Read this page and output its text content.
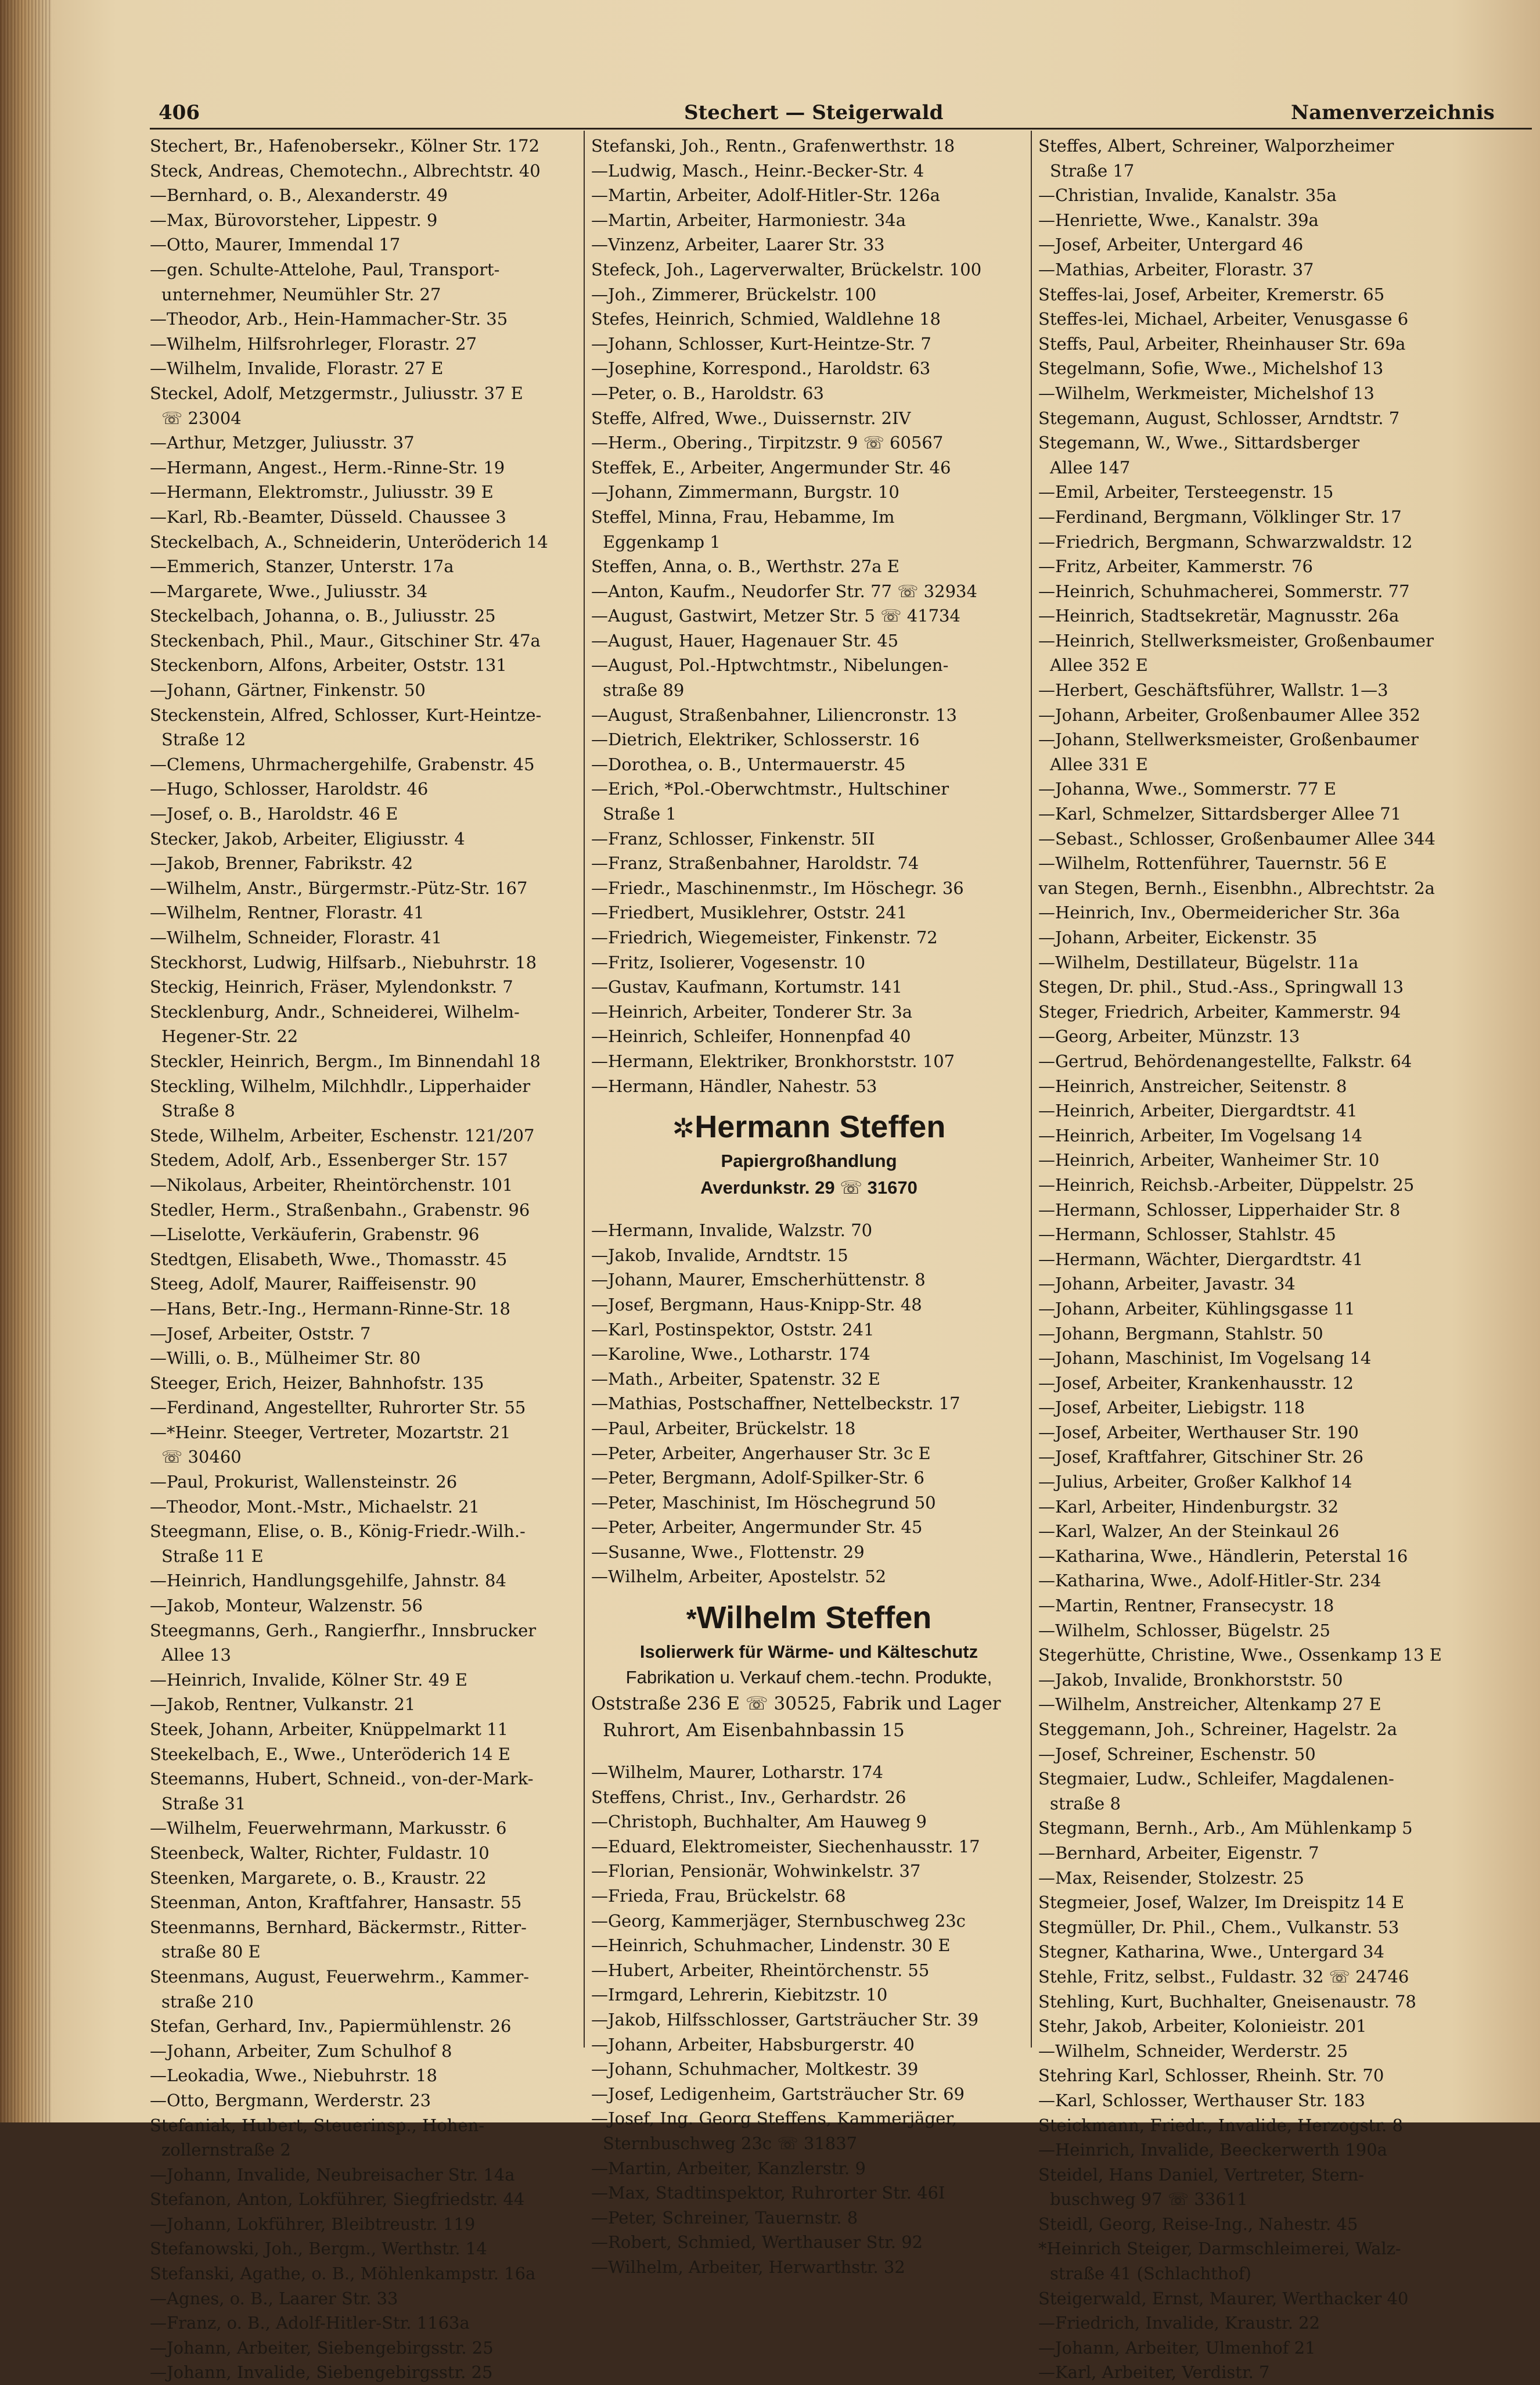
406	Stechert — Steigerwald	Namenverzeichnis

Stechert, Br., Hafenobersekr., Kölner Str. 172

Steck, Andreas, Chemotechn., Albrechtstr. 40

—Bernhard, o. B., Alexanderstr. 49

—Max, Bürovorsteher, Lippestr. 9

—Otto, Maurer, Immendal 17

—gen. Schulte-Attelohe, Paul, Transport-

unternehmer, Neumühler Str. 27

—Theodor, Arb., Hein-Hammacher-Str. 35

—Wilhelm, Hilfsrohrleger, Florastr. 27

—Wilhelm, Invalide, Florastr. 27 E

Steckel, Adolf, Metzgermstr., Juliusstr. 37 E

☏ 23004

—Arthur, Metzger, Juliusstr. 37

—Hermann, Angest., Herm.-Rinne-Str. 19

—Hermann, Elektromstr., Juliusstr. 39 E

—Karl, Rb.-Beamter, Düsseld. Chaussee 3

Steckelbach, A., Schneiderin, Unteröderich 14

—Emmerich, Stanzer, Unterstr. 17a

—Margarete, Wwe., Juliusstr. 34

Steckelbach, Johanna, o. B., Juliusstr. 25

Steckenbach, Phil., Maur., Gitschiner Str. 47a

Steckenborn, Alfons, Arbeiter, Oststr. 131

—Johann, Gärtner, Finkenstr. 50

Steckenstein, Alfred, Schlosser, Kurt-Heintze-

Straße 12

—Clemens, Uhrmachergehilfe, Grabenstr. 45

—Hugo, Schlosser, Haroldstr. 46

—Josef, o. B., Haroldstr. 46 E

Stecker, Jakob, Arbeiter, Eligiusstr. 4

—Jakob, Brenner, Fabrikstr. 42

—Wilhelm, Anstr., Bürgermstr.-Pütz-Str. 167

—Wilhelm, Rentner, Florastr. 41

—Wilhelm, Schneider, Florastr. 41

Steckhorst, Ludwig, Hilfsarb., Niebuhrstr. 18

Steckig, Heinrich, Fräser, Mylendonkstr. 7

Stecklenburg, Andr., Schneiderei, Wilhelm-

Hegener-Str. 22

Steckler, Heinrich, Bergm., Im Binnendahl 18

Steckling, Wilhelm, Milchhdlr., Lipperhaider

Straße 8

Stede, Wilhelm, Arbeiter, Eschenstr. 121/207

Stedem, Adolf, Arb., Essenberger Str. 157

—Nikolaus, Arbeiter, Rheintörchenstr. 101

Stedler, Herm., Straßenbahn., Grabenstr. 96

—Liselotte, Verkäuferin, Grabenstr. 96

Stedtgen, Elisabeth, Wwe., Thomasstr. 45

Steeg, Adolf, Maurer, Raiffeisenstr. 90

—Hans, Betr.-Ing., Hermann-Rinne-Str. 18

—Josef, Arbeiter, Oststr. 7

—Willi, o. B., Mülheimer Str. 80

Steeger, Erich, Heizer, Bahnhofstr. 135

—Ferdinand, Angestellter, Ruhrorter Str. 55

—*Heinr. Steeger, Vertreter, Mozartstr. 21

☏ 30460

—Paul, Prokurist, Wallensteinstr. 26

—Theodor, Mont.-Mstr., Michaelstr. 21

Steegmann, Elise, o. B., König-Friedr.-Wilh.-

Straße 11 E

—Heinrich, Handlungsgehilfe, Jahnstr. 84

—Jakob, Monteur, Walzenstr. 56

Steegmanns, Gerh., Rangierfhr., Innsbrucker

Allee 13

—Heinrich, Invalide, Kölner Str. 49 E

—Jakob, Rentner, Vulkanstr. 21

Steek, Johann, Arbeiter, Knüppelmarkt 11

Steekelbach, E., Wwe., Unteröderich 14 E

Steemanns, Hubert, Schneid., von-der-Mark-

Straße 31

—Wilhelm, Feuerwehrmann, Markusstr. 6

Steenbeck, Walter, Richter, Fuldastr. 10

Steenken, Margarete, o. B., Kraustr. 22

Steenman, Anton, Kraftfahrer, Hansastr. 55

Steenmanns, Bernhard, Bäckermstr., Ritter-

straße 80 E

Steenmans, August, Feuerwehrm., Kammer-

straße 210

Stefan, Gerhard, Inv., Papiermühlenstr. 26

—Johann, Arbeiter, Zum Schulhof 8

—Leokadia, Wwe., Niebuhrstr. 18

—Otto, Bergmann, Werderstr. 23

Stefaniak, Hubert, Steuerinsp., Hohen-

zollernstraße 2

—Johann, Invalide, Neubreisacher Str. 14a

Stefanon, Anton, Lokführer, Siegfriedstr. 44

—Johann, Lokführer, Bleibtreustr. 119

Stefanowski, Joh., Bergm., Werthstr. 14

Stefanski, Agathe, o. B., Möhlenkampstr. 16a

—Agnes, o. B., Laarer Str. 33

—Franz, o. B., Adolf-Hitler-Str. 1163a

—Johann, Arbeiter, Siebengebirgsstr. 25

—Johann, Invalide, Siebengebirgsstr. 25

Stefanski, Joh., Rentn., Grafenwerthstr. 18

—Ludwig, Masch., Heinr.-Becker-Str. 4

—Martin, Arbeiter, Adolf-Hitler-Str. 126a

—Martin, Arbeiter, Harmoniestr. 34a

—Vinzenz, Arbeiter, Laarer Str. 33

Stefeck, Joh., Lagerverwalter, Brückelstr. 100

—Joh., Zimmerer, Brückelstr. 100

Stefes, Heinrich, Schmied, Waldlehne 18

—Johann, Schlosser, Kurt-Heintze-Str. 7

—Josephine, Korrespond., Haroldstr. 63

—Peter, o. B., Haroldstr. 63

Steffe, Alfred, Wwe., Duissernstr. 2IV

—Herm., Obering., Tirpitzstr. 9 ☏ 60567

Steffek, E., Arbeiter, Angermunder Str. 46

—Johann, Zimmermann, Burgstr. 10

Steffel, Minna, Frau, Hebamme, Im

Eggenkamp 1

Steffen, Anna, o. B., Werthstr. 27a E

—Anton, Kaufm., Neudorfer Str. 77 ☏ 32934

—August, Gastwirt, Metzer Str. 5 ☏ 41734

—August, Hauer, Hagenauer Str. 45

—August, Pol.-Hptwchtmstr., Nibelungen-

straße 89

—August, Straßenbahner, Liliencronstr. 13

—Dietrich, Elektriker, Schlosserstr. 16

—Dorothea, o. B., Untermauerstr. 45

—Erich, *Pol.-Oberwchtmstr., Hultschiner

Straße 1

—Franz, Schlosser, Finkenstr. 5II

—Franz, Straßenbahner, Haroldstr. 74

—Friedr., Maschinenmstr., Im Höschegr. 36

—Friedbert, Musiklehrer, Oststr. 241

—Friedrich, Wiegemeister, Finkenstr. 72

—Fritz, Isolierer, Vogesenstr. 10

—Gustav, Kaufmann, Kortumstr. 141

—Heinrich, Arbeiter, Tonderer Str. 3a

—Heinrich, Schleifer, Honnenpfad 40

—Hermann, Elektriker, Bronkhorststr. 107

—Hermann, Händler, Nahestr. 53

✲Hermann Steffen
Papiergroßhandlung
Averdunkstr. 29 ☏ 31670

—Hermann, Invalide, Walzstr. 70

—Jakob, Invalide, Arndtstr. 15

—Johann, Maurer, Emscherhüttenstr. 8

—Josef, Bergmann, Haus-Knipp-Str. 48

—Karl, Postinspektor, Oststr. 241

—Karoline, Wwe., Lotharstr. 174

—Math., Arbeiter, Spatenstr. 32 E

—Mathias, Postschaffner, Nettelbeckstr. 17

—Paul, Arbeiter, Brückelstr. 18

—Peter, Arbeiter, Angerhauser Str. 3c E

—Peter, Bergmann, Adolf-Spilker-Str. 6

—Peter, Maschinist, Im Höschegrund 50

—Peter, Arbeiter, Angermunder Str. 45

—Susanne, Wwe., Flottenstr. 29

—Wilhelm, Arbeiter, Apostelstr. 52

*Wilhelm Steffen
Isolierwerk für Wärme- und Kälteschutz
Fabrikation u. Verkauf chem.-techn. Produkte,
Oststraße 236 E ☏ 30525, Fabrik und Lager
Ruhrort, Am Eisenbahnbassin 15

—Wilhelm, Maurer, Lotharstr. 174

Steffens, Christ., Inv., Gerhardstr. 26

—Christoph, Buchhalter, Am Hauweg 9

—Eduard, Elektromeister, Siechenhausstr. 17

—Florian, Pensionär, Wohwinkelstr. 37

—Frieda, Frau, Brückelstr. 68

—Georg, Kammerjäger, Sternbuschweg 23c

—Heinrich, Schuhmacher, Lindenstr. 30 E

—Hubert, Arbeiter, Rheintörchenstr. 55

—Irmgard, Lehrerin, Kiebitzstr. 10

—Jakob, Hilfsschlosser, Gartsträucher Str. 39

—Johann, Arbeiter, Habsburgerstr. 40

—Johann, Schuhmacher, Moltkestr. 39

—Josef, Ledigenheim, Gartsträucher Str. 69

—Josef, Ing. Georg Steffens, Kammerjäger,

Sternbuschweg 23c ☏ 31837

—Martin, Arbeiter, Kanzlerstr. 9

—Max, Stadtinspektor, Ruhrorter Str. 46I

—Peter, Schreiner, Tauernstr. 8

—Robert, Schmied, Werthauser Str. 92

—Wilhelm, Arbeiter, Herwarthstr. 32

Steffes, Albert, Schreiner, Walporzheimer

Straße 17

—Christian, Invalide, Kanalstr. 35a

—Henriette, Wwe., Kanalstr. 39a

—Josef, Arbeiter, Untergard 46

—Mathias, Arbeiter, Florastr. 37

Steffes-lai, Josef, Arbeiter, Kremerstr. 65

Steffes-lei, Michael, Arbeiter, Venusgasse 6

Steffs, Paul, Arbeiter, Rheinhauser Str. 69a

Stegelmann, Sofie, Wwe., Michelshof 13

—Wilhelm, Werkmeister, Michelshof 13

Stegemann, August, Schlosser, Arndtstr. 7

Stegemann, W., Wwe., Sittardsberger

Allee 147

—Emil, Arbeiter, Tersteegenstr. 15

—Ferdinand, Bergmann, Völklinger Str. 17

—Friedrich, Bergmann, Schwarzwaldstr. 12

—Fritz, Arbeiter, Kammerstr. 76

—Heinrich, Schuhmacherei, Sommerstr. 77

—Heinrich, Stadtsekretär, Magnusstr. 26a

—Heinrich, Stellwerksmeister, Großenbaumer

Allee 352 E

—Herbert, Geschäftsführer, Wallstr. 1—3

—Johann, Arbeiter, Großenbaumer Allee 352

—Johann, Stellwerksmeister, Großenbaumer

Allee 331 E

—Johanna, Wwe., Sommerstr. 77 E

—Karl, Schmelzer, Sittardsberger Allee 71

—Sebast., Schlosser, Großenbaumer Allee 344

—Wilhelm, Rottenführer, Tauernstr. 56 E

van Stegen, Bernh., Eisenbhn., Albrechtstr. 2a

—Heinrich, Inv., Obermeidericher Str. 36a

—Johann, Arbeiter, Eickenstr. 35

—Wilhelm, Destillateur, Bügelstr. 11a

Stegen, Dr. phil., Stud.-Ass., Springwall 13

Steger, Friedrich, Arbeiter, Kammerstr. 94

—Georg, Arbeiter, Münzstr. 13

—Gertrud, Behördenangestellte, Falkstr. 64

—Heinrich, Anstreicher, Seitenstr. 8

—Heinrich, Arbeiter, Diergardtstr. 41

—Heinrich, Arbeiter, Im Vogelsang 14

—Heinrich, Arbeiter, Wanheimer Str. 10

—Heinrich, Reichsb.-Arbeiter, Düppelstr. 25

—Hermann, Schlosser, Lipperhaider Str. 8

—Hermann, Schlosser, Stahlstr. 45

—Hermann, Wächter, Diergardtstr. 41

—Johann, Arbeiter, Javastr. 34

—Johann, Arbeiter, Kühlingsgasse 11

—Johann, Bergmann, Stahlstr. 50

—Johann, Maschinist, Im Vogelsang 14

—Josef, Arbeiter, Krankenhausstr. 12

—Josef, Arbeiter, Liebigstr. 118

—Josef, Arbeiter, Werthauser Str. 190

—Josef, Kraftfahrer, Gitschiner Str. 26

—Julius, Arbeiter, Großer Kalkhof 14

—Karl, Arbeiter, Hindenburgstr. 32

—Karl, Walzer, An der Steinkaul 26

—Katharina, Wwe., Händlerin, Peterstal 16

—Katharina, Wwe., Adolf-Hitler-Str. 234

—Martin, Rentner, Fransecystr. 18

—Wilhelm, Schlosser, Bügelstr. 25

Stegerhütte, Christine, Wwe., Ossenkamp 13 E

—Jakob, Invalide, Bronkhorststr. 50

—Wilhelm, Anstreicher, Altenkamp 27 E

Steggemann, Joh., Schreiner, Hagelstr. 2a

—Josef, Schreiner, Eschenstr. 50

Stegmaier, Ludw., Schleifer, Magdalenen-

straße 8

Stegmann, Bernh., Arb., Am Mühlenkamp 5

—Bernhard, Arbeiter, Eigenstr. 7

—Max, Reisender, Stolzestr. 25

Stegmeier, Josef, Walzer, Im Dreispitz 14 E

Stegmüller, Dr. Phil., Chem., Vulkanstr. 53

Stegner, Katharina, Wwe., Untergard 34

Stehle, Fritz, selbst., Fuldastr. 32 ☏ 24746

Stehling, Kurt, Buchhalter, Gneisenaustr. 78

Stehr, Jakob, Arbeiter, Kolonieistr. 201

—Wilhelm, Schneider, Werderstr. 25

Stehring Karl, Schlosser, Rheinh. Str. 70

—Karl, Schlosser, Werthauser Str. 183

Steickmann, Friedr., Invalide, Herzogstr. 8

—Heinrich, Invalide, Beeckerwerth 190a

Steidel, Hans Daniel, Vertreter, Stern-

buschweg 97 ☏ 33611

Steidl, Georg, Reise-Ing., Nahestr. 45

*Heinrich Steiger, Darmschleimerei, Walz-

straße 41 (Schlachthof)

Steigerwald, Ernst, Maurer, Werthacker 40

—Friedrich, Invalide, Kraustr. 22

—Johann, Arbeiter, Ulmenhof 21

—Karl, Arbeiter, Verdistr. 7
